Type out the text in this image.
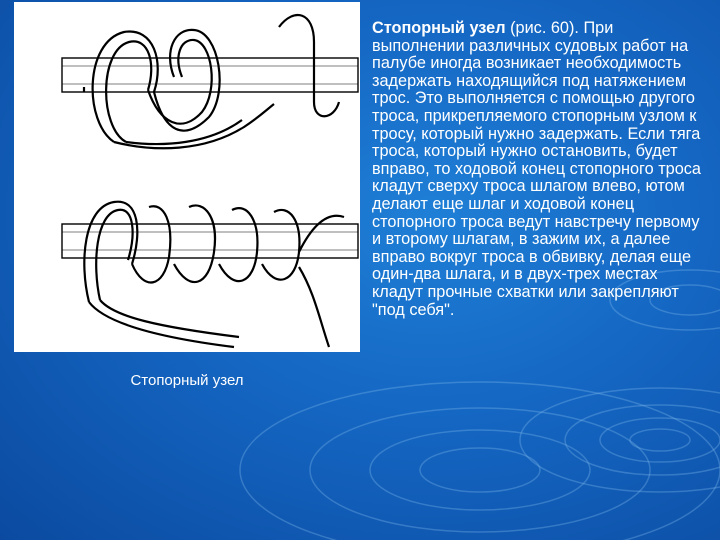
Стопорный узел

Стопорный узел (рис. 60). При выполнении различных судовых работ на палубе иногда возникает необходимость задержать находящийся под натяжением трос. Это выполняется с помощью другого троса, прикрепляемого стопорным узлом к тросу, который нужно задержать. Если тяга троса, который нужно остановить, будет вправо, то ходовой конец стопорного троса кладут сверху троса шлагом влево, ютом делают еще шлаг и ходовой конец стопорного троса ведут навстречу первому и второму шлагам, в зажим их, а далее вправо вокруг троса в обвивку, делая еще один-два шлага, и в двух-трех местах кладут прочные схватки или закрепляют "под себя".
